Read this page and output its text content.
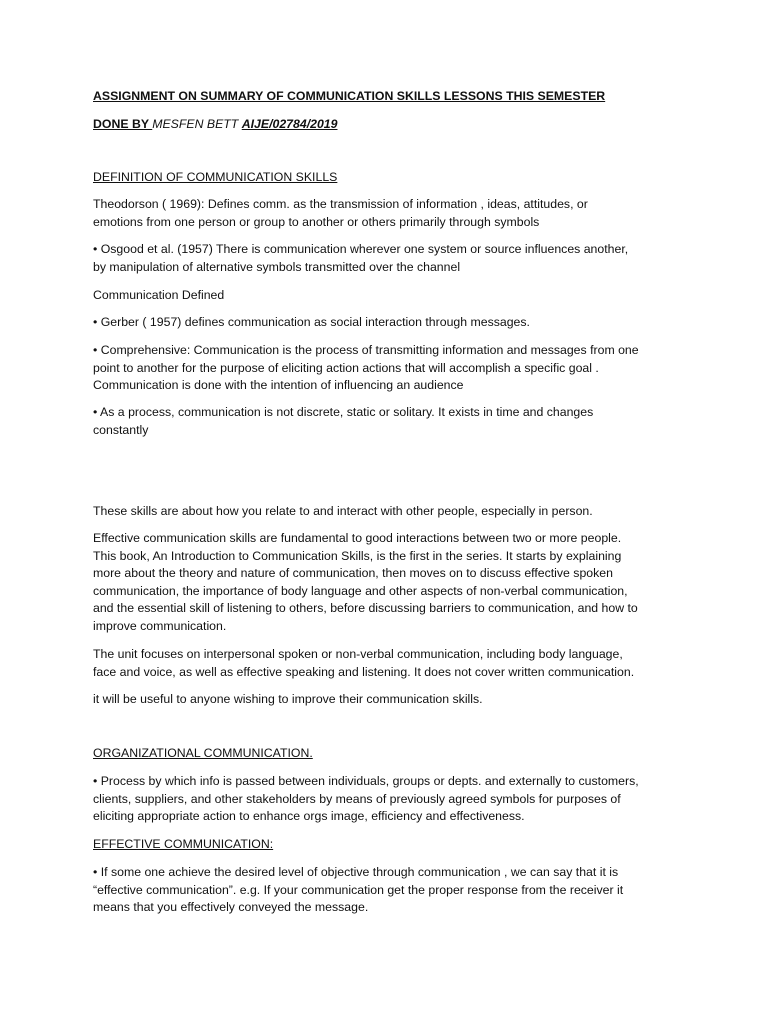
ASSIGNMENT ON SUMMARY OF COMMUNICATION SKILLS LESSONS THIS SEMESTER

DONE BY MESFEN BETT AIJE/02784/2019

DEFINITION OF COMMUNICATION SKILLS

Theodorson ( 1969): Defines comm. as the transmission of information , ideas, attitudes, or
emotions from one person or group to another or others primarily through symbols

• Osgood et al. (1957) There is communication wherever one system or source influences another,
by manipulation of alternative symbols transmitted over the channel

Communication Defined

• Gerber ( 1957) defines communication as social interaction through messages.

• Comprehensive: Communication is the process of transmitting information and messages from one
point to another for the purpose of eliciting action actions that will accomplish a specific goal .
Communication is done with the intention of influencing an audience

• As a process, communication is not discrete, static or solitary. It exists in time and changes
constantly

These skills are about how you relate to and interact with other people, especially in person.

Effective communication skills are fundamental to good interactions between two or more people.
This book, An Introduction to Communication Skills, is the first in the series. It starts by explaining
more about the theory and nature of communication, then moves on to discuss effective spoken
communication, the importance of body language and other aspects of non-verbal communication,
and the essential skill of listening to others, before discussing barriers to communication, and how to
improve communication.

The unit focuses on interpersonal spoken or non-verbal communication, including body language,
face and voice, as well as effective speaking and listening. It does not cover written communication.

it will be useful to anyone wishing to improve their communication skills.

ORGANIZATIONAL COMMUNICATION.

• Process by which info is passed between individuals, groups or depts. and externally to customers,
clients, suppliers, and other stakeholders by means of previously agreed symbols for purposes of
eliciting appropriate action to enhance orgs image, efficiency and effectiveness.

EFFECTIVE COMMUNICATION:

• If some one achieve the desired level of objective through communication , we can say that it is
“effective communication”. e.g. If your communication get the proper response from the receiver it
means that you effectively conveyed the message.
